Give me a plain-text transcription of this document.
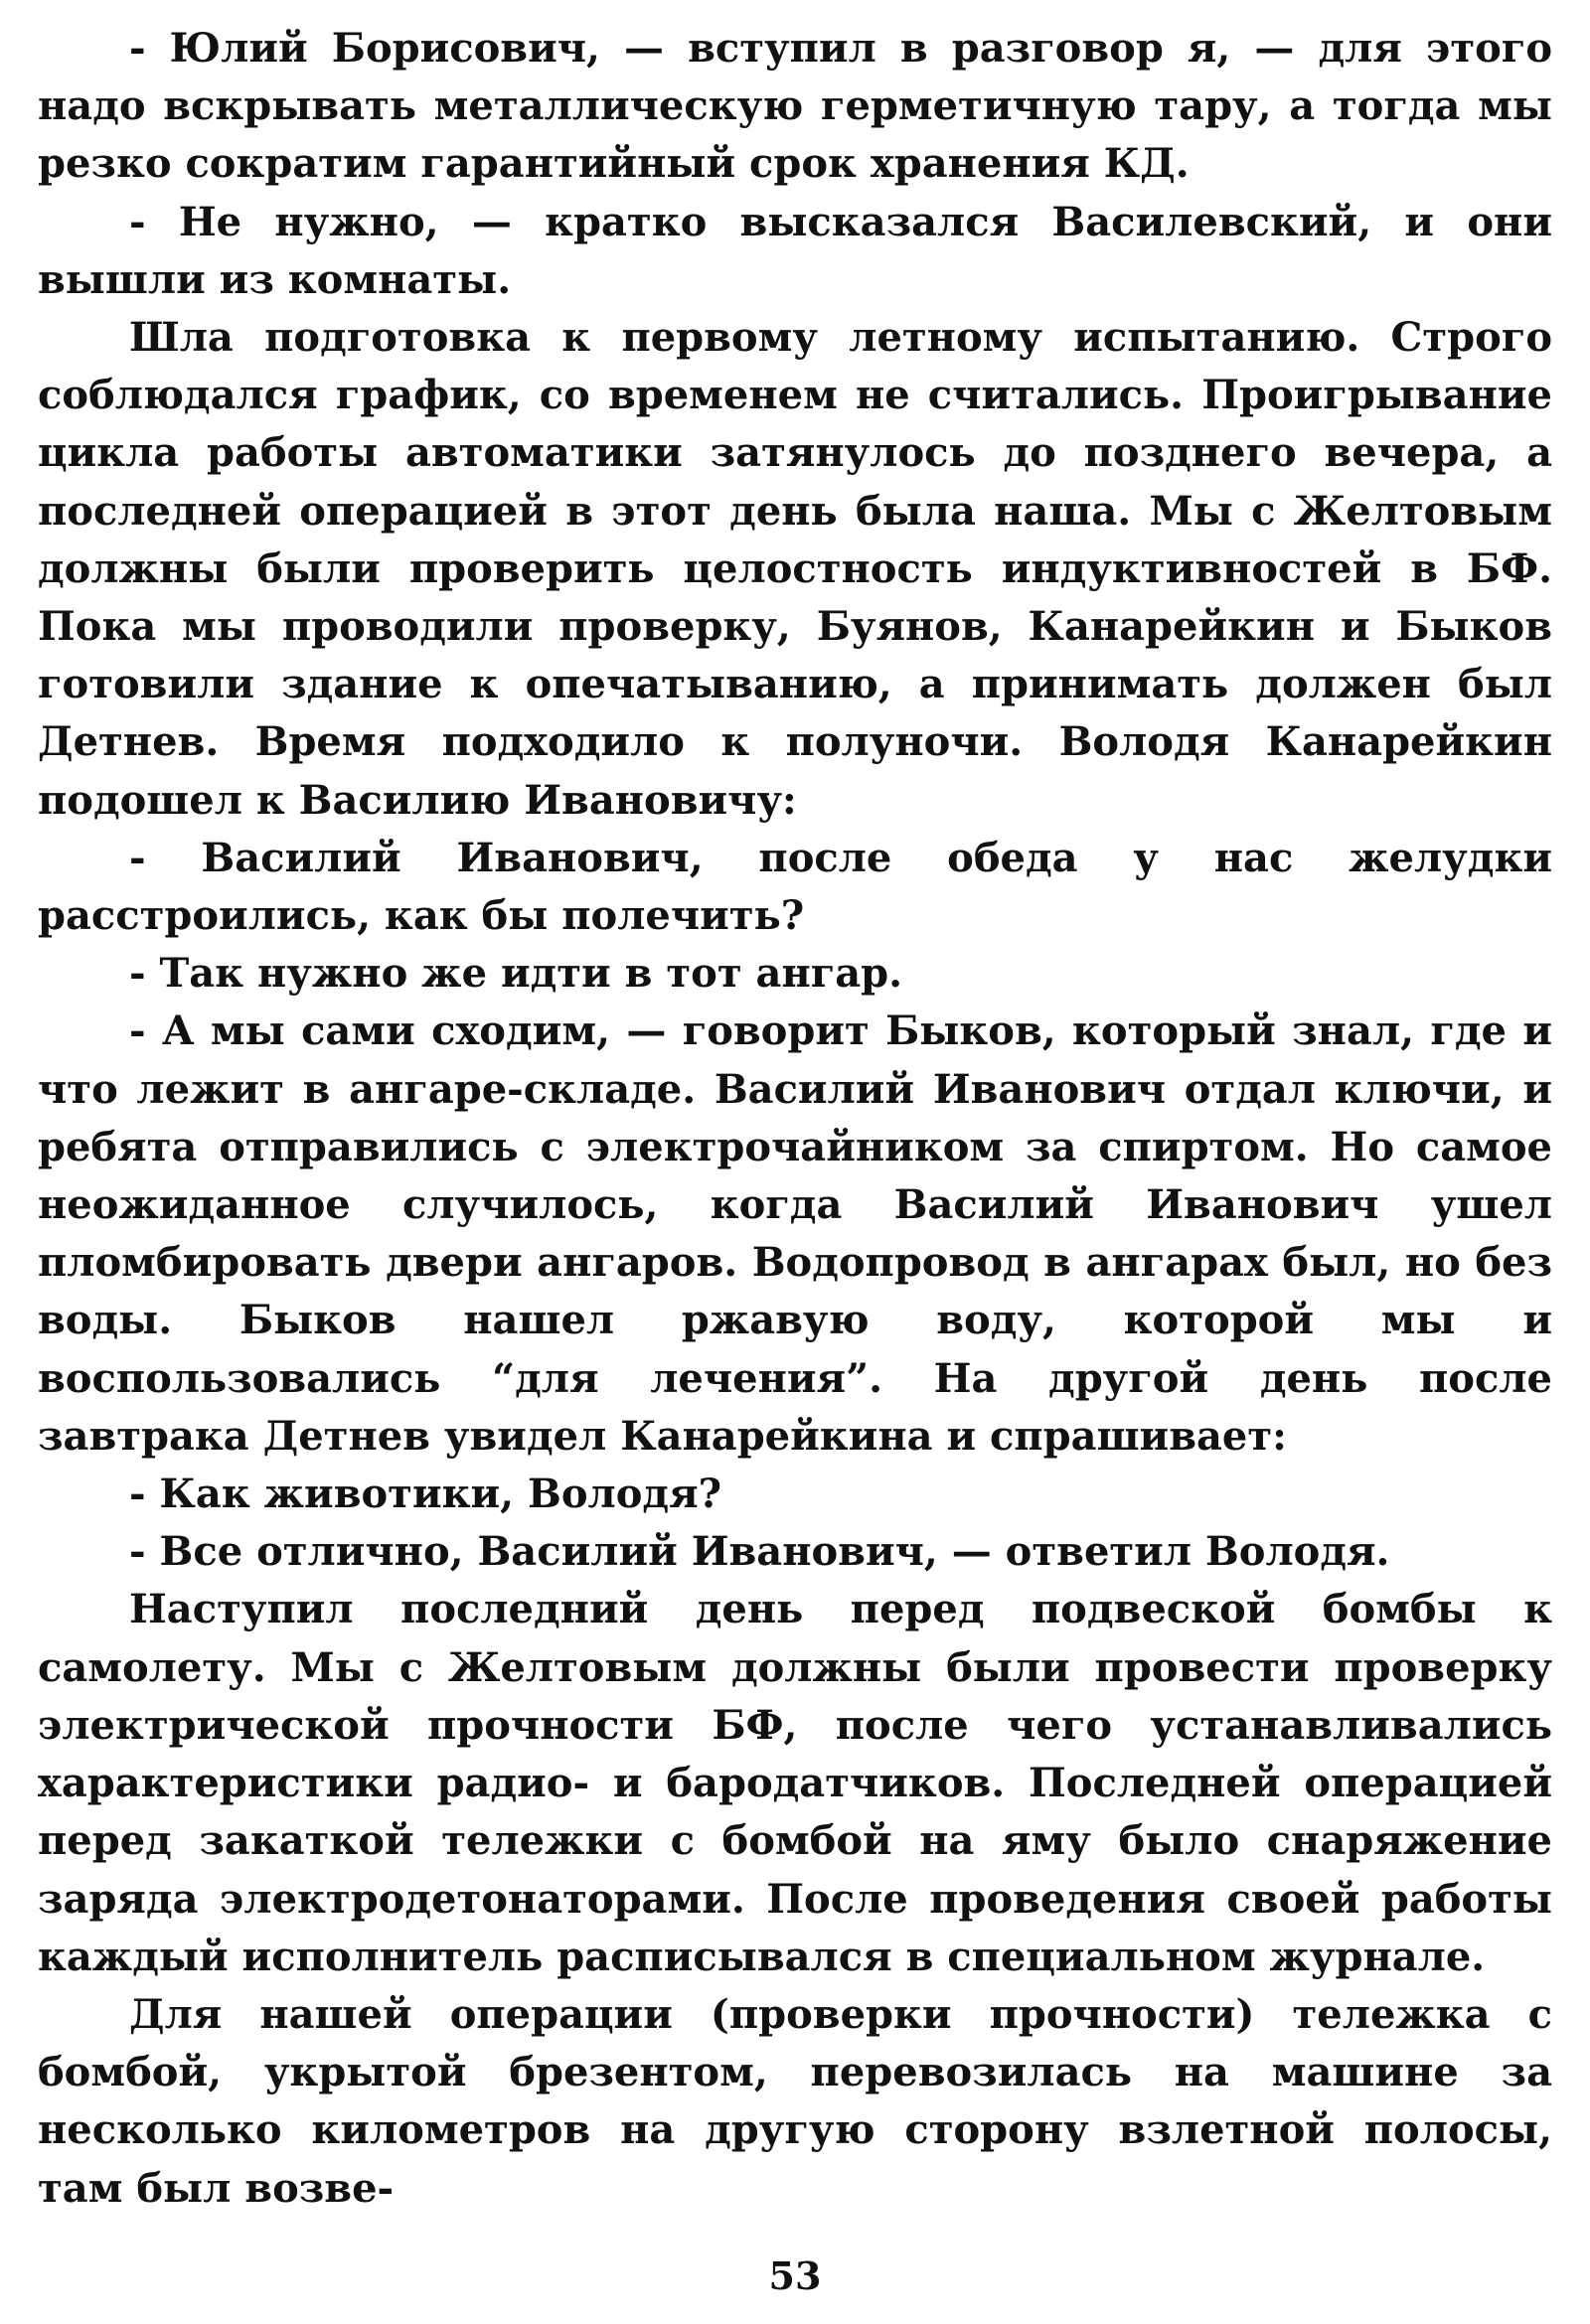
- Юлий Борисович, — вступил в разговор я, — для этого надо вскрывать металлическую герметичную тару, а тогда мы резко сократим гарантийный срок хранения КД.

- Не нужно, — кратко высказался Василевский, и они вышли из комнаты.

Шла подготовка к первому летному испытанию. Строго соблюдался график, со временем не считались. Проигрывание цикла работы автоматики затянулось до позднего вечера, а последней операцией в этот день была наша. Мы с Желтовым должны были проверить целостность индуктивностей в БФ. Пока мы проводили проверку, Буянов, Канарейкин и Быков готовили здание к опечатыванию, а принимать должен был Детнев. Время подходило к полуночи. Володя Канарейкин подошел к Василию Ивановичу:

- Василий Иванович, после обеда у нас желудки расстроились, как бы полечить?

- Так нужно же идти в тот ангар.

- А мы сами сходим, — говорит Быков, который знал, где и что лежит в ангаре-складе. Василий Иванович отдал ключи, и ребята отправились с электрочайником за спиртом. Но самое неожиданное случилось, когда Василий Иванович ушел пломбировать двери ангаров. Водопровод в ангарах был, но без воды. Быков нашел ржавую воду, которой мы и воспользовались “для лечения”. На другой день после завтрака Детнев увидел Канарейкина и спрашивает:

- Как животики, Володя?

- Все отлично, Василий Иванович, — ответил Володя.

Наступил последний день перед подвеской бомбы к самолету. Мы с Желтовым должны были провести проверку электрической прочности БФ, после чего устанавливались характеристики радио- и бародатчиков. Последней операцией перед закаткой тележки с бомбой на яму было снаряжение заряда электродетонаторами. После проведения своей работы каждый исполнитель расписывался в специальном журнале.

Для нашей операции (проверки прочности) тележка с бомбой, укрытой брезентом, перевозилась на машине за несколько километров на другую сторону взлетной полосы, там был возве-

53
